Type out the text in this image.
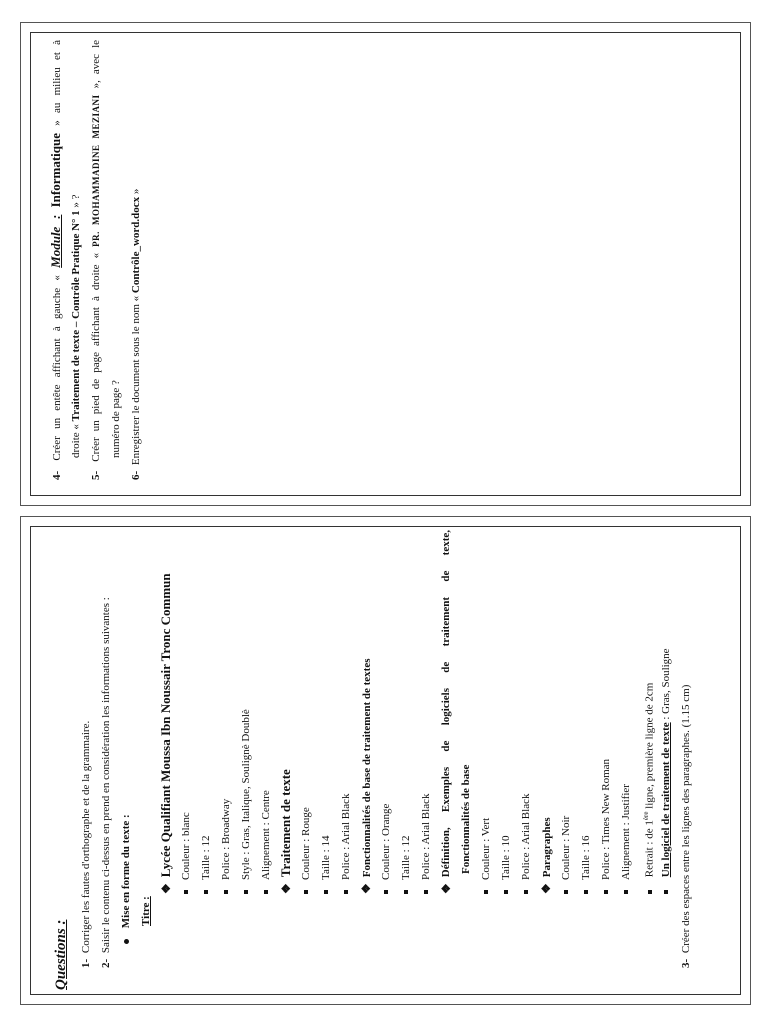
4- Créer un entête affichant à gauche « Module : Informatique » au milieu et à
droite « Traitement de texte – Contrôle Pratique N° 1 » ?
5- Créer un pied de page affichant à droite « PR. MOHAMMADINE MEZIANI », avec le
numéro de page ?
6- Enregistrer le document sous le nom « Contrôle_word.docx »
Questions :	1- Corriger les fautes d'orthographe et de la grammaire.
2- Saisir le contenu ci-dessus en prend en considération les informations suivantes : Mise en forme du texte : Titre :
❖Lycée Qualifiant Moussa Ibn Noussair Tronc Commun Couleur : blanc Taille : 12 Police : Broadway Style : Gras, Italique, Soulignè Doublè Alignement : Centre
❖Traitement de texte Couleur : Rouge Taille : 14 Police : Arial Black
❖Fonctionnalités de base de traitement de textes Couleur : Orange Taille : 12 Police : Arial Black
❖
Définition,
Exemples
de
logiciels
de
traitement
de
texte,
Fonctionnalités de base Couleur : Vert Taille : 10 Police : Arial Black
❖Paragraphes Couleur : Noir Taille : 16 Police : Times New Roman Alignement : Justifier	Retrait : de 1ère ligne, première ligne de 2cm Un logiciel de traitement de texte : Gras, Souligne
3- Créer des espaces entre les lignes des paragraphes. (1.15 cm)
